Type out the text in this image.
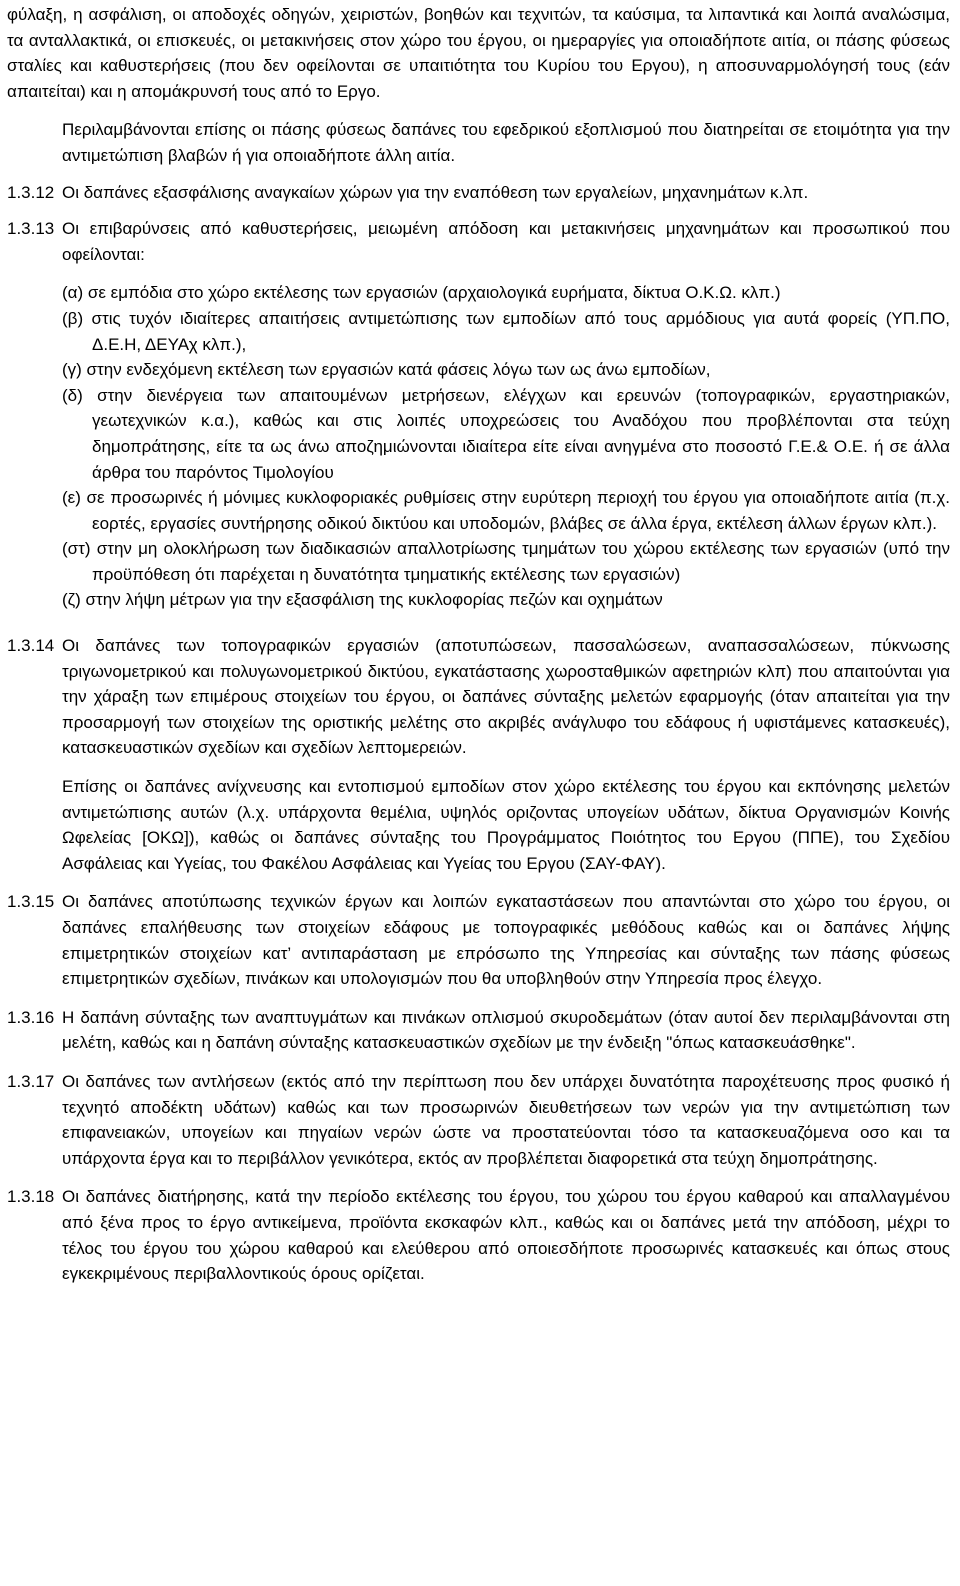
φύλαξη, η ασφάλιση, οι αποδοχές οδηγών, χειριστών, βοηθών και τεχνιτών, τα καύσιμα, τα λιπαντικά και λοιπά αναλώσιμα, τα ανταλλακτικά, οι επισκευές, οι μετακινήσεις στον χώρο του έργου, οι ημεραργίες για οποιαδήποτε αιτία, οι πάσης φύσεως σταλίες και καθυστερήσεις (που δεν οφείλονται σε υπαιτιότητα του Κυρίου του Εργου), η αποσυναρμολόγησή τους (εάν απαιτείται) και η απομάκρυνσή τους από το Εργο.

Περιλαμβάνονται επίσης οι πάσης φύσεως δαπάνες του εφεδρικού εξοπλισμού που διατηρείται σε ετοιμότητα για την αντιμετώπιση βλαβών ή για οποιαδήποτε άλλη αιτία.

1.3.12 Οι δαπάνες εξασφάλισης αναγκαίων χώρων για την εναπόθεση των εργαλείων, μηχανημάτων κ.λπ.

1.3.13 Οι επιβαρύνσεις από καθυστερήσεις, μειωμένη απόδοση και μετακινήσεις μηχανημάτων και προσωπικού που οφείλονται:

(α) σε εμπόδια στο χώρο εκτέλεσης των εργασιών (αρχαιολογικά ευρήματα, δίκτυα Ο.Κ.Ω. κλπ.)
(β) στις τυχόν ιδιαίτερες απαιτήσεις αντιμετώπισης των εμποδίων από τους αρμόδιους για αυτά φορείς (ΥΠ.ΠΟ, Δ.Ε.Η, ΔΕΥΑχ κλπ.),
(γ) στην ενδεχόμενη εκτέλεση των εργασιών κατά φάσεις λόγω των ως άνω εμποδίων,
(δ) στην διενέργεια των απαιτουμένων μετρήσεων, ελέγχων και ερευνών (τοπογραφικών, εργαστηριακών, γεωτεχνικών κ.α.), καθώς και στις λοιπές υποχρεώσεις του Αναδόχου που προβλέπονται στα τεύχη δημοπράτησης, είτε τα ως άνω αποζημιώνονται ιδιαίτερα είτε είναι ανηγμένα στο ποσοστό Γ.Ε.& Ο.Ε. ή σε άλλα άρθρα του παρόντος Τιμολογίου
(ε) σε προσωρινές ή μόνιμες κυκλοφοριακές ρυθμίσεις στην ευρύτερη περιοχή του έργου για οποιαδήποτε αιτία (π.χ. εορτές, εργασίες συντήρησης οδικού δικτύου και υποδομών, βλάβες σε άλλα έργα, εκτέλεση άλλων έργων κλπ.).
(στ) στην μη ολοκλήρωση των διαδικασιών απαλλοτρίωσης τμημάτων του χώρου εκτέλεσης των εργασιών (υπό την προϋπόθεση ότι παρέχεται η δυνατότητα τμηματικής εκτέλεσης των εργασιών)
(ζ) στην λήψη μέτρων για την εξασφάλιση της κυκλοφορίας πεζών και οχημάτων
1.3.14 Οι δαπάνες των τοπογραφικών εργασιών (αποτυπώσεων, πασσαλώσεων, αναπασσαλώσεων, πύκνωσης τριγωνομετρικού και πολυγωνομετρικού δικτύου, εγκατάστασης χωροσταθμικών αφετηριών κλπ) που απαιτούνται για την χάραξη των επιμέρους στοιχείων του έργου, οι δαπάνες σύνταξης μελετών εφαρμογής (όταν απαιτείται για την προσαρμογή των στοιχείων της οριστικής μελέτης στο ακριβές ανάγλυφο του εδάφους ή υφιστάμενες κατασκευές), κατασκευαστικών σχεδίων και σχεδίων λεπτομερειών.

Επίσης οι δαπάνες ανίχνευσης και εντοπισμού εμποδίων στον χώρο εκτέλεσης του έργου και εκπόνησης μελετών αντιμετώπισης αυτών (λ.χ. υπάρχοντα θεμέλια, υψηλός οριζοντας υπογείων υδάτων, δίκτυα Οργανισμών Κοινής Ωφελείας [ΟΚΩ]), καθώς οι δαπάνες σύνταξης του Προγράμματος Ποιότητος του Εργου (ΠΠΕ), του Σχεδίου Ασφάλειας και Υγείας, του Φακέλου Ασφάλειας και Υγείας του Εργου (ΣΑΥ-ΦΑΥ).

1.3.15 Οι δαπάνες αποτύπωσης τεχνικών έργων και λοιπών εγκαταστάσεων που απαντώνται στο χώρο του έργου, οι δαπάνες επαλήθευσης των στοιχείων εδάφους με τοπογραφικές μεθόδους καθώς και οι δαπάνες λήψης επιμετρητικών στοιχείων κατ’ αντιπαράσταση με επρόσωπο της Υπηρεσίας και σύνταξης των πάσης φύσεως επιμετρητικών σχεδίων, πινάκων και υπολογισμών που θα υποβληθούν στην Υπηρεσία προς έλεγχο.

1.3.16 Η δαπάνη σύνταξης των αναπτυγμάτων και πινάκων οπλισμού σκυροδεμάτων (όταν αυτοί δεν περιλαμβάνονται στη μελέτη, καθώς και η δαπάνη σύνταξης κατασκευαστικών σχεδίων με την ένδειξη "όπως κατασκευάσθηκε".

1.3.17 Οι δαπάνες των αντλήσεων (εκτός από την περίπτωση που δεν υπάρχει δυνατότητα παροχέτευσης προς φυσικό ή τεχνητό αποδέκτη υδάτων) καθώς και των προσωρινών διευθετήσεων των νερών για την αντιμετώπιση των επιφανειακών, υπογείων και πηγαίων νερών ώστε να προστατεύονται τόσο τα κατασκευαζόμενα οσο και τα υπάρχοντα έργα και το περιβάλλον γενικότερα, εκτός αν προβλέπεται διαφορετικά στα τεύχη δημοπράτησης.

1.3.18 Οι δαπάνες διατήρησης, κατά την περίοδο εκτέλεσης του έργου, του χώρου του έργου καθαρού και απαλλαγμένου από ξένα προς το έργο αντικείμενα, προϊόντα εκσκαφών κλπ., καθώς και οι δαπάνες μετά την απόδοση, μέχρι το τέλος του έργου του χώρου καθαρού και ελεύθερου από οποιεσδήποτε προσωρινές κατασκευές και όπως στους εγκεκριμένους περιβαλλοντικούς όρους ορίζεται.
